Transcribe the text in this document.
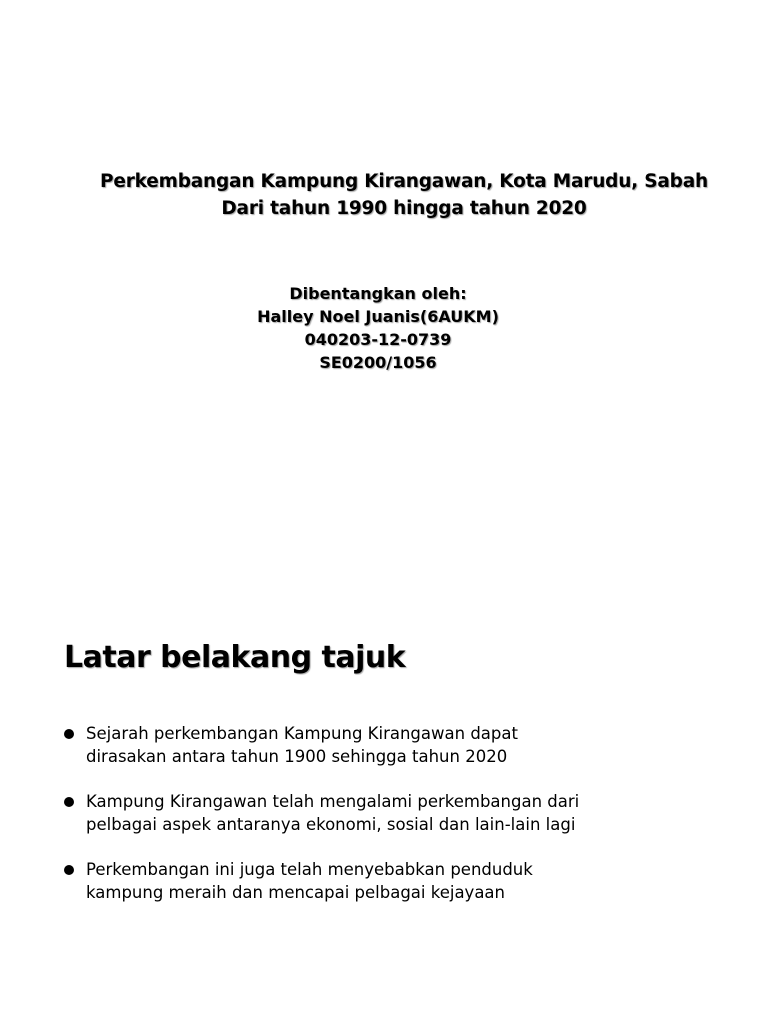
Perkembangan Kampung Kirangawan, Kota Marudu, Sabah
Dari tahun 1990 hingga tahun 2020
Dibentangkan oleh:
Halley Noel Juanis(6AUKM)
040203-12-0739
SE0200/1056
Latar belakang tajuk
Sejarah perkembangan Kampung Kirangawan dapat
dirasakan antara tahun 1900 sehingga tahun 2020
Kampung Kirangawan telah mengalami perkembangan dari
pelbagai aspek antaranya ekonomi, sosial dan lain-lain lagi
Perkembangan ini juga telah menyebabkan penduduk
kampung meraih dan mencapai pelbagai kejayaan
